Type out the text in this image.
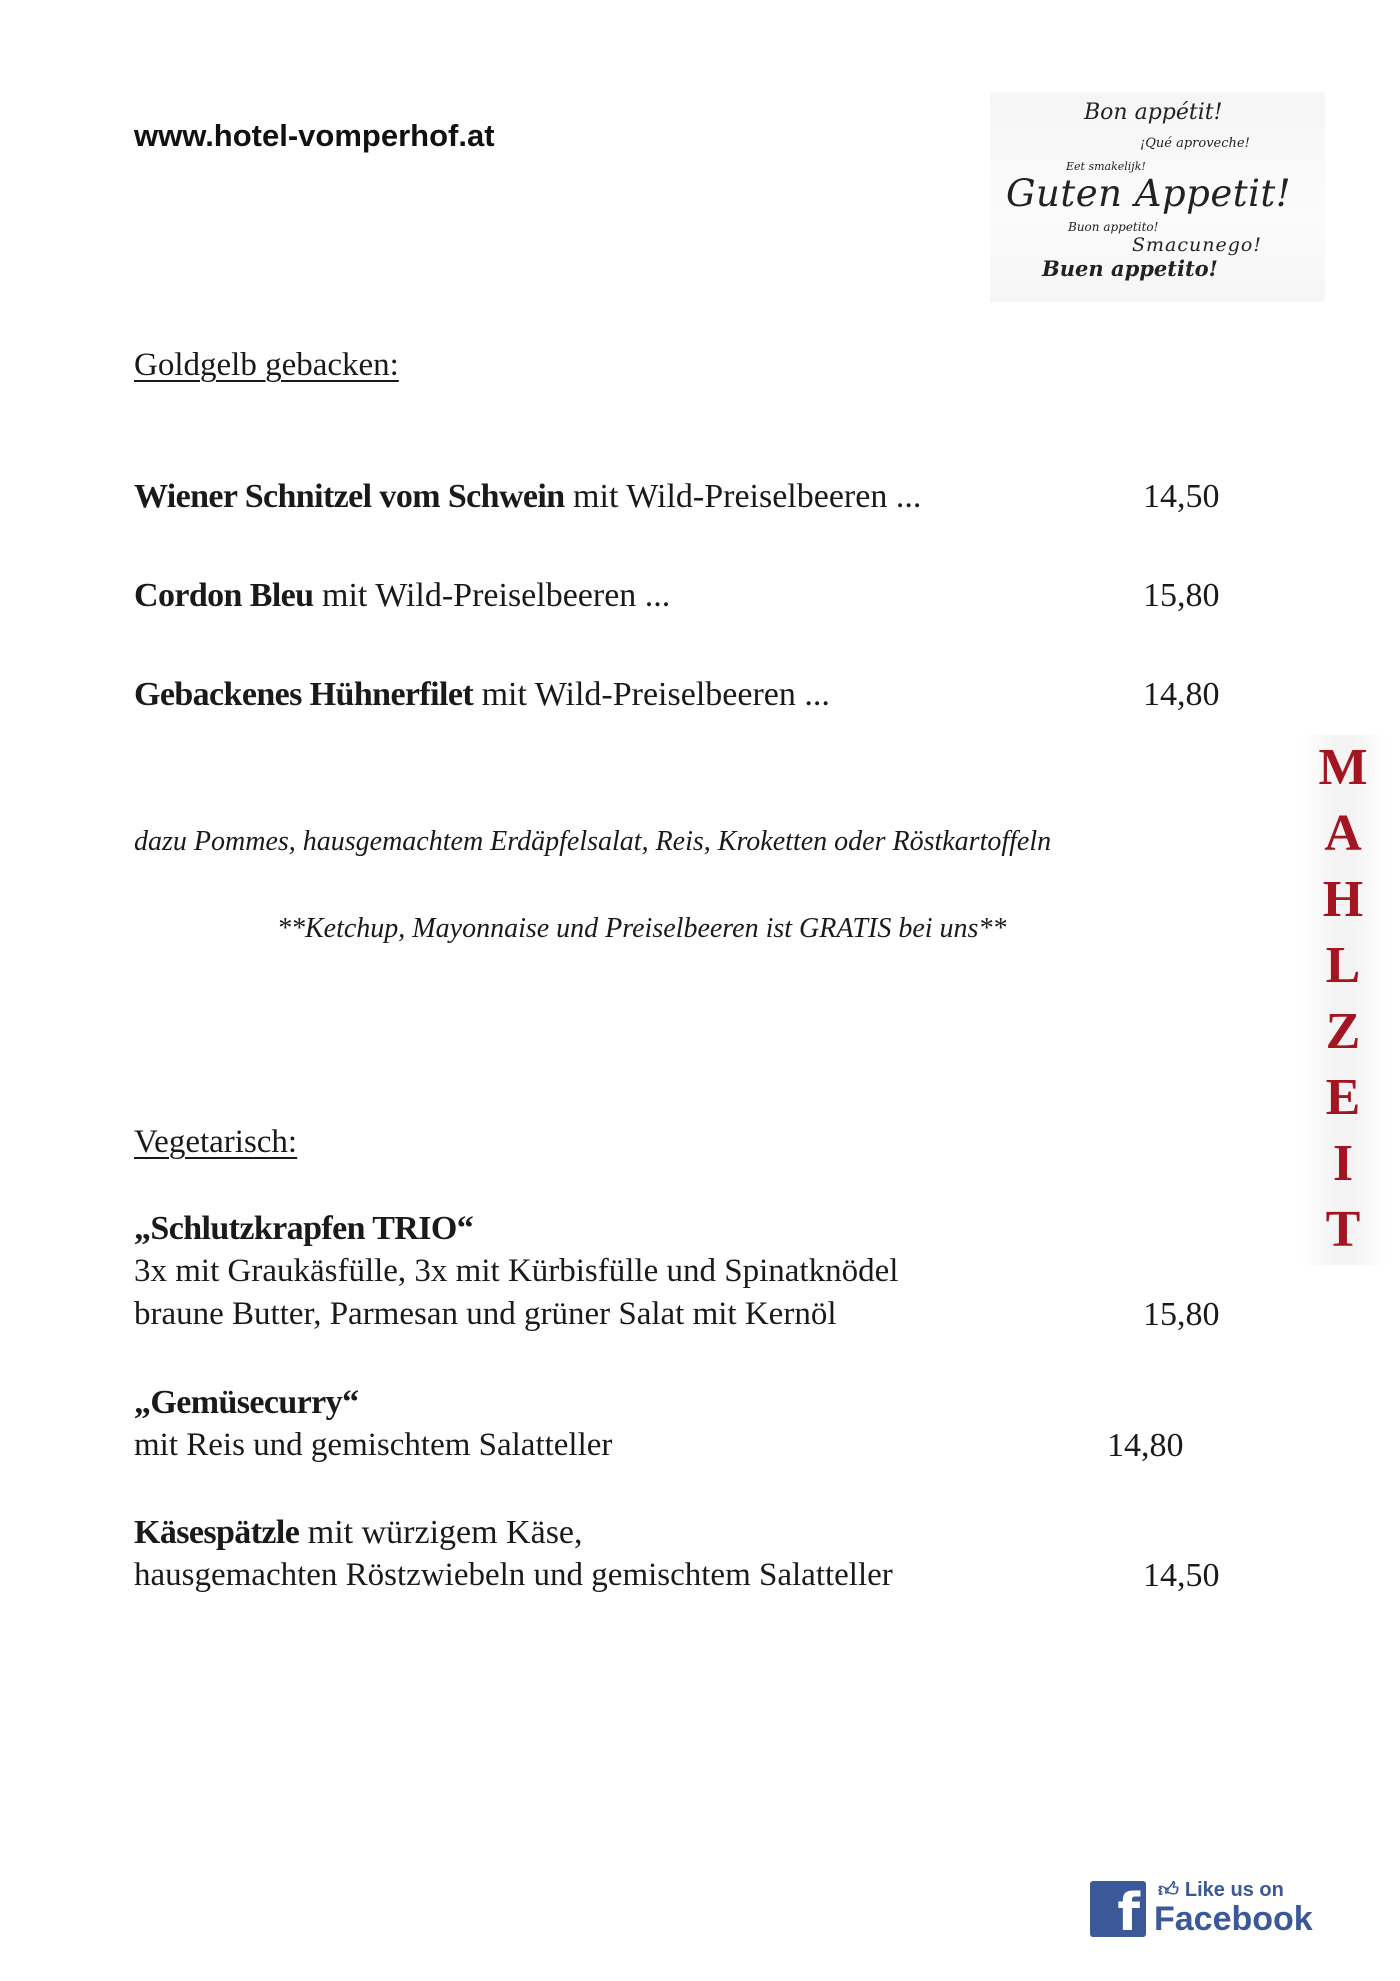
www.hotel-vomperhof.at
Bon appétit!
¡Qué aproveche!
Eet smakelijk!
Guten Appetit!
Buon appetito!
Smacunego!
Buen appetito!
Goldgelb gebacken:
Wiener Schnitzel vom Schwein mit Wild-Preiselbeeren ...	14,50
Cordon Bleu mit Wild-Preiselbeeren ...	15,80
Gebackenes Hühnerfilet mit Wild-Preiselbeeren ...	14,80
dazu Pommes, hausgemachtem Erdäpfelsalat, Reis, Kroketten oder Röstkartoffeln
**Ketchup, Mayonnaise und Preiselbeeren ist GRATIS bei uns**
Vegetarisch:
„Schlutzkrapfen TRIO“
3x mit Graukäsfülle, 3x mit Kürbisfülle und Spinatknödel
braune Butter, Parmesan und grüner Salat mit Kernöl	15,80
„Gemüsecurry“
mit Reis und gemischtem Salatteller	14,80
Käsespätzle mit würzigem Käse,
hausgemachten Röstzwiebeln und gemischtem Salatteller	14,50
M
A
H
L
Z
E
I
T
f 👍︎ Like us on
Facebook
